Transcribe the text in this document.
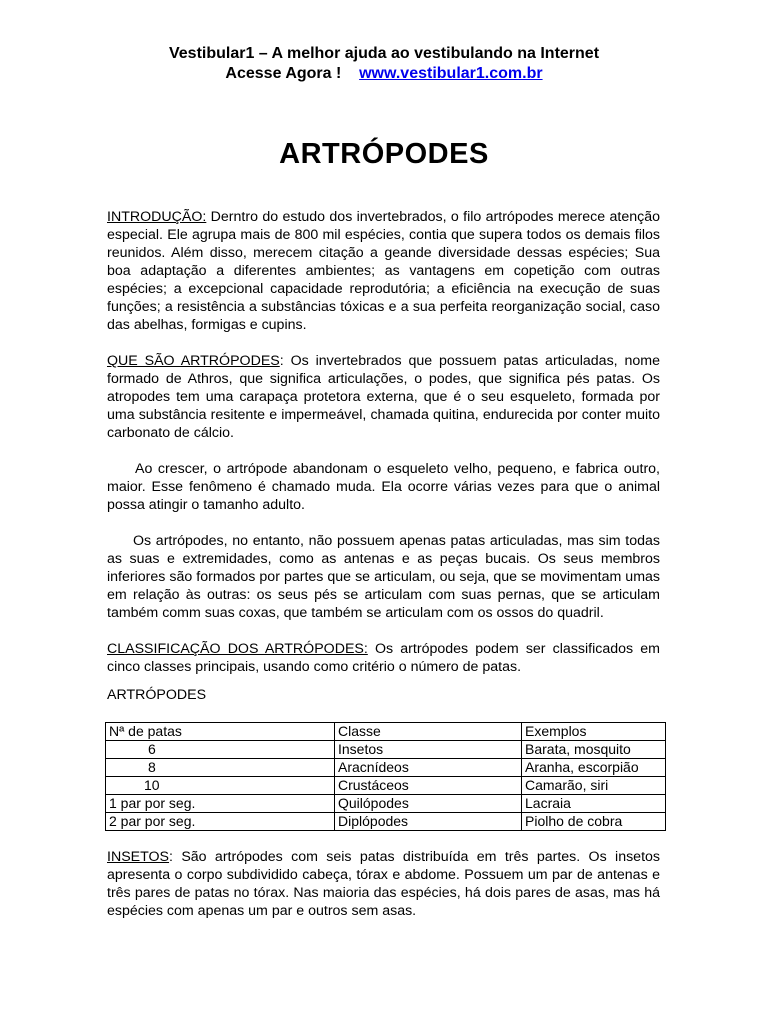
Vestibular1 – A melhor ajuda ao vestibulando na Internet
Acesse Agora ! www.vestibular1.com.br
ARTRÓPODES

INTRODUÇÃO: Derntro do estudo dos invertebrados, o filo artrópodes merece atenção especial. Ele agrupa mais de 800 mil espécies, contia que supera todos os demais filos reunidos. Além disso, merecem citação a geande diversidade dessas espécies; Sua boa adaptação a diferentes ambientes; as vantagens em copetição com outras espécies; a excepcional capacidade reprodutória; a eficiência na execução de suas funções; a resistência a substâncias tóxicas e a sua perfeita reorganização social, caso das abelhas, formigas e cupins.

QUE SÃO ARTRÓPODES: Os invertebrados que possuem patas articuladas, nome formado de Athros, que significa articulações, o podes, que significa pés patas. Os atropodes tem uma carapaça protetora externa, que é o seu esqueleto, formada por uma substância resitente e impermeável, chamada quitina, endurecida por conter muito carbonato de cálcio.

Ao crescer, o artrópode abandonam o esqueleto velho, pequeno, e fabrica outro, maior. Esse fenômeno é chamado muda. Ela ocorre várias vezes para que o animal possa atingir o tamanho adulto.

Os artrópodes, no entanto, não possuem apenas patas articuladas, mas sim todas as suas e extremidades, como as antenas e as peças bucais. Os seus membros inferiores são formados por partes que se articulam, ou seja, que se movimentam umas em relação às outras: os seus pés se articulam com suas pernas, que se articulam também comm suas coxas, que também se articulam com os ossos do quadril.

CLASSIFICAÇÃO DOS ARTRÓPODES: Os artrópodes podem ser classificados em cinco classes principais, usando como critério o número de patas.

ARTRÓPODES

Nª de patas	Classe	Exemplos
6	Insetos	Barata, mosquito
8	Aracnídeos	Aranha, escorpião
10	Crustáceos	Camarão, siri
1 par por seg.	Quilópodes	Lacraia
2 par por seg.	Diplópodes	Piolho de cobra

INSETOS: São artrópodes com seis patas distribuída em três partes. Os insetos apresenta o corpo subdividido cabeça, tórax e abdome. Possuem um par de antenas e três pares de patas no tórax. Nas maioria das espécies, há dois pares de asas, mas há espécies com apenas um par e outros sem asas.
